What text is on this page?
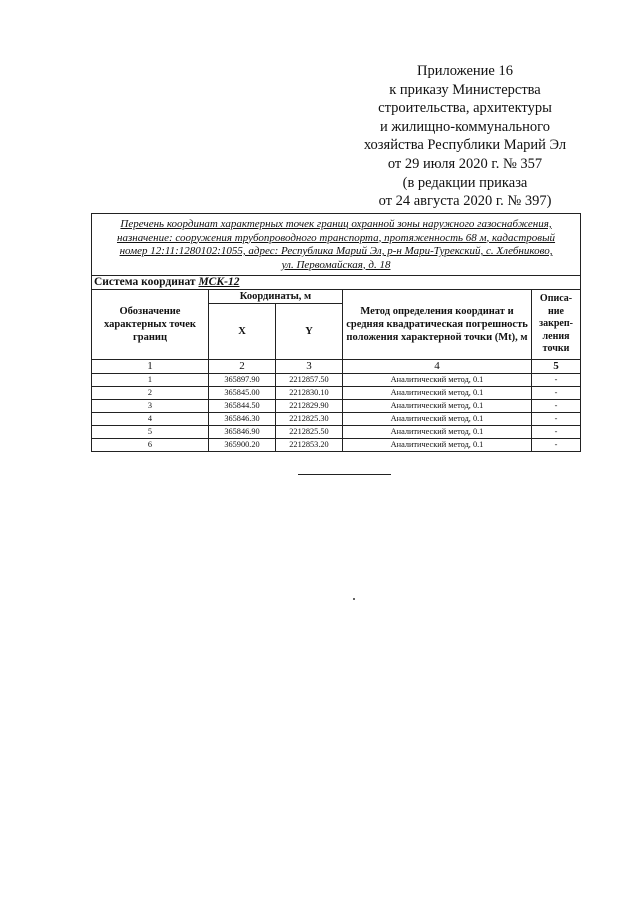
Приложение 16
к приказу Министерства
строительства, архитектуры
и жилищно-коммунального
хозяйства Республики Марий Эл
от 29 июля 2020 г. № 357
(в редакции приказа
от 24 августа 2020 г. № 397)
Перечень координат характерных точек границ охранной зоны наружного газоснабжения,
назначение: сооружения трубопроводного транспорта, протяженность 68 м, кадастровый
номер 12:11:1280102:1055, адрес: Республика Марий Эл, р-н Мари-Турекский, с. Хлебниково,
ул. Первомайская, д. 18				

Система координат МСК-12				
Обозначение характерных точек границ	Координаты, м		Метод определения координат и средняя квадратическая погрешность положения характерной точки (Mt), м	Описа-ние закреп-ления точки
	X	Y		
1	2	3	4	5
1	365897.90	2212857.50	Аналитический метод, 0.1	-
2	365845.00	2212830.10	Аналитический метод, 0.1	-
3	365844.50	2212829.90	Аналитический метод, 0.1	-
4	365846.30	2212825.30	Аналитический метод, 0.1	-
5	365846.90	2212825.50	Аналитический метод, 0.1	-
6	365900.20	2212853.20	Аналитический метод, 0.1	-
